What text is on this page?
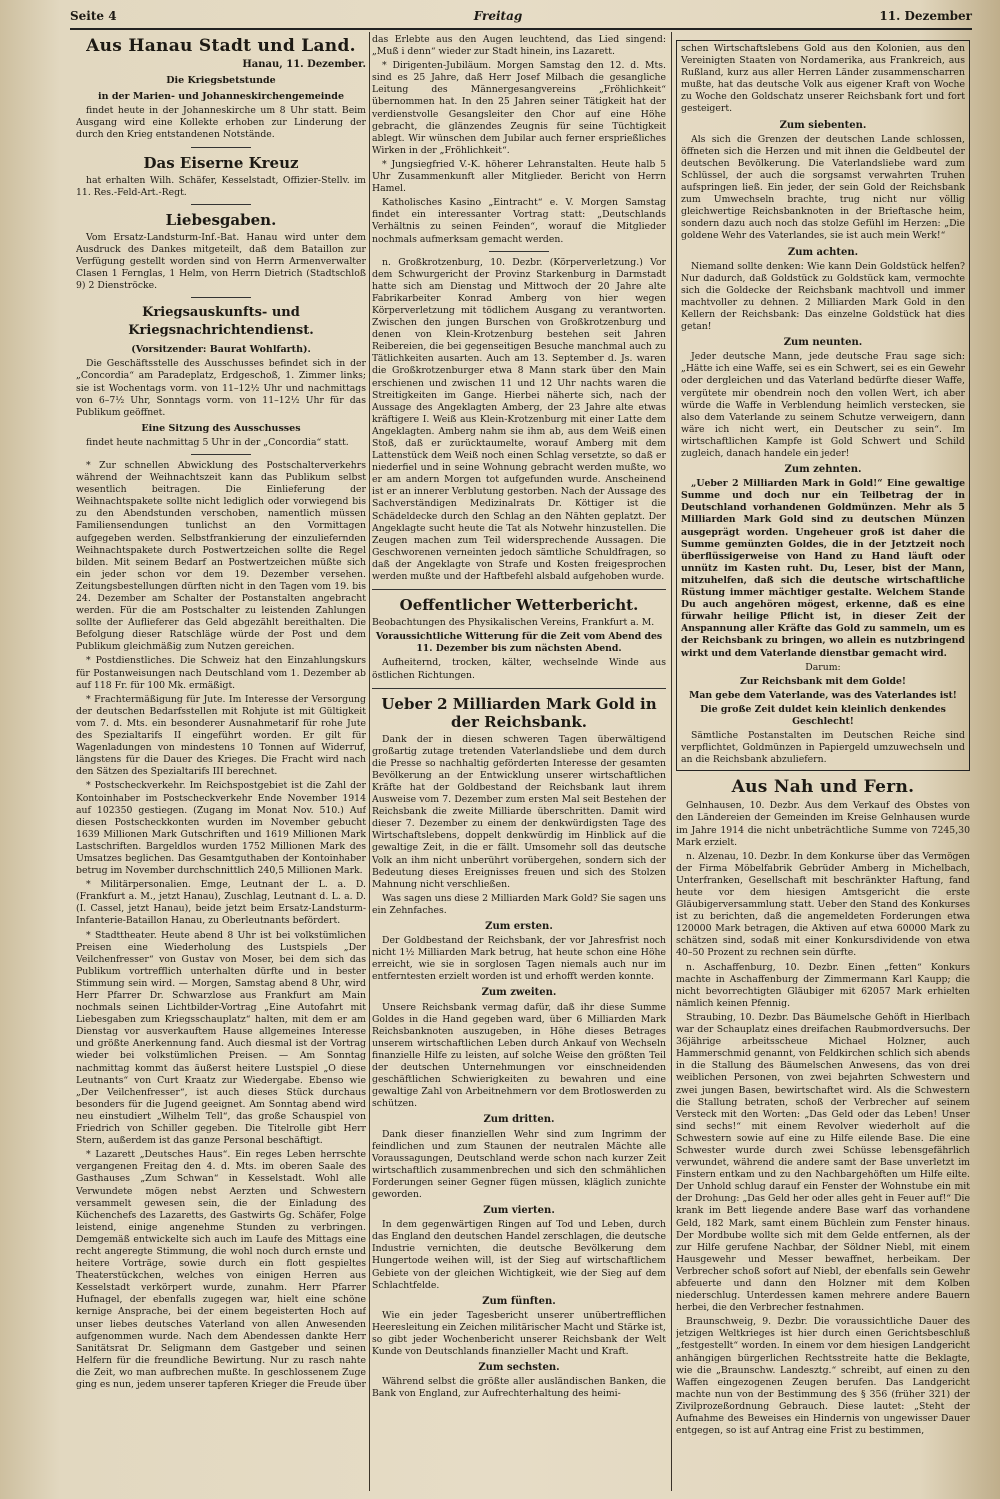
Seite 4	Freitag	11. Dezember
Aus Hanau Stadt und Land.
Hanau, 11. Dezember.
Die Kriegsbetstunde
in der Marien- und Johanneskirchengemeinde

findet heute in der Johanneskirche um 8 Uhr statt. Beim Ausgang wird eine Kollekte erhoben zur Linderung der durch den Krieg entstandenen Notstände.

Das Eiserne Kreuz

hat erhalten Wilh. Schäfer, Kesselstadt, Offizier-Stellv. im 11. Res.-Feld-Art.-Regt.

Liebesgaben.

Vom Ersatz-Landsturm-Inf.-Bat. Hanau wird unter dem Ausdruck des Dankes mitgeteilt, daß dem Bataillon zur Verfügung gestellt worden sind von Herrn Armenverwalter Clasen 1 Fernglas, 1 Helm, von Herrn Dietrich (Stadtschloß 9) 2 Dienströcke.

Kriegsauskunfts- und Kriegsnachrichtendienst.
(Vorsitzender: Baurat Wohlfarth).

Die Geschäftsstelle des Ausschusses befindet sich in der „Concordia“ am Paradeplatz, Erdgeschoß, 1. Zimmer links; sie ist Wochentags vorm. von 11–12½ Uhr und nachmittags von 6–7½ Uhr, Sonntags vorm. von 11–12½ Uhr für das Publikum geöffnet.

Eine Sitzung des Ausschusses

findet heute nachmittag 5 Uhr in der „Concordia“ statt.

* Zur schnellen Abwicklung des Postschalterverkehrs während der Weihnachtszeit kann das Publikum selbst wesentlich beitragen. Die Einlieferung der Weihnachtspakete sollte nicht lediglich oder vorwiegend bis zu den Abendstunden verschoben, namentlich müssen Familiensendungen tunlichst an den Vormittagen aufgegeben werden. Selbstfrankierung der einzuliefernden Weihnachtspakete durch Postwertzeichen sollte die Regel bilden. Mit seinem Bedarf an Postwertzeichen müßte sich ein jeder schon vor dem 19. Dezember versehen. Zeitungsbestellungen dürften nicht in den Tagen vom 19. bis 24. Dezember am Schalter der Postanstalten angebracht werden. Für die am Postschalter zu leistenden Zahlungen sollte der Auflieferer das Geld abgezählt bereithalten. Die Befolgung dieser Ratschläge würde der Post und dem Publikum gleichmäßig zum Nutzen gereichen.

* Postdienstliches. Die Schweiz hat den Einzahlungskurs für Postanweisungen nach Deutschland vom 1. Dezember ab auf 118 Fr. für 100 Mk. ermäßigt.

* Frachtermäßigung für Jute. Im Interesse der Versorgung der deutschen Bedarfsstellen mit Rohjute ist mit Gültigkeit vom 7. d. Mts. ein besonderer Ausnahmetarif für rohe Jute des Spezialtarifs II eingeführt worden. Er gilt für Wagenladungen von mindestens 10 Tonnen auf Widerruf, längstens für die Dauer des Krieges. Die Fracht wird nach den Sätzen des Spezialtarifs III berechnet.

* Postscheckverkehr. Im Reichspostgebiet ist die Zahl der Kontoinhaber im Postscheckverkehr Ende November 1914 auf 102350 gestiegen. (Zugang im Monat Nov. 510.) Auf diesen Postscheckkonten wurden im November gebucht 1639 Millionen Mark Gutschriften und 1619 Millionen Mark Lastschriften. Bargeldlos wurden 1752 Millionen Mark des Umsatzes beglichen. Das Gesamtguthaben der Kontoinhaber betrug im November durchschnittlich 240,5 Millionen Mark.

* Militärpersonalien. Emge, Leutnant der L. a. D. (Frankfurt a. M., jetzt Hanau), Zuschlag, Leutnant d. L. a. D. (I. Cassel, jetzt Hanau), beide jetzt beim Ersatz-Landsturm-Infanterie-Bataillon Hanau, zu Oberleutnants befördert.

* Stadttheater. Heute abend 8 Uhr ist bei volkstümlichen Preisen eine Wiederholung des Lustspiels „Der Veilchenfresser“ von Gustav von Moser, bei dem sich das Publikum vortrefflich unterhalten dürfte und in bester Stimmung sein wird. — Morgen, Samstag abend 8 Uhr, wird Herr Pfarrer Dr. Schwarzlose aus Frankfurt am Main nochmals seinen Lichtbilder-Vortrag „Eine Autofahrt mit Liebesgaben zum Kriegsschauplatz“ halten, mit dem er am Dienstag vor ausverkauftem Hause allgemeines Interesse und größte Anerkennung fand. Auch diesmal ist der Vortrag wieder bei volkstümlichen Preisen. — Am Sonntag nachmittag kommt das äußerst heitere Lustspiel „O diese Leutnants“ von Curt Kraatz zur Wiedergabe. Ebenso wie „Der Veilchenfresser“, ist auch dieses Stück durchaus besonders für die Jugend geeignet. Am Sonntag abend wird neu einstudiert „Wilhelm Tell“, das große Schauspiel von Friedrich von Schiller gegeben. Die Titelrolle gibt Herr Stern, außerdem ist das ganze Personal beschäftigt.

* Lazarett „Deutsches Haus“. Ein reges Leben herrschte vergangenen Freitag den 4. d. Mts. im oberen Saale des Gasthauses „Zum Schwan“ in Kesselstadt. Wohl alle Verwundete mögen nebst Aerzten und Schwestern versammelt gewesen sein, die der Einladung des Küchenchefs des Lazaretts, des Gastwirts Gg. Schäfer, Folge leistend, einige angenehme Stunden zu verbringen. Demgemäß entwickelte sich auch im Laufe des Mittags eine recht angeregte Stimmung, die wohl noch durch ernste und heitere Vorträge, sowie durch ein flott gespieltes Theaterstückchen, welches von einigen Herren aus Kesselstadt verkörpert wurde, zunahm. Herr Pfarrer Hufnagel, der ebenfalls zugegen war, hielt eine schöne kernige Ansprache, bei der einem begeisterten Hoch auf unser liebes deutsches Vaterland von allen Anwesenden aufgenommen wurde. Nach dem Abendessen dankte Herr Sanitätsrat Dr. Seligmann dem Gastgeber und seinen Helfern für die freundliche Bewirtung. Nur zu rasch nahte die Zeit, wo man aufbrechen mußte. In geschlossenem Zuge ging es nun, jedem unserer tapferen Krieger die Freude über

das Erlebte aus den Augen leuchtend, das Lied singend: „Muß i denn“ wieder zur Stadt hinein, ins Lazarett.

* Dirigenten-Jubiläum. Morgen Samstag den 12. d. Mts. sind es 25 Jahre, daß Herr Josef Milbach die gesangliche Leitung des Männergesangvereins „Fröhlichkeit“ übernommen hat. In den 25 Jahren seiner Tätigkeit hat der verdienstvolle Gesangsleiter den Chor auf eine Höhe gebracht, die glänzendes Zeugnis für seine Tüchtigkeit ablegt. Wir wünschen dem Jubilar auch ferner ersprießliches Wirken in der „Fröhlichkeit“.

* Jungsiegfried V.-K. höherer Lehranstalten. Heute halb 5 Uhr Zusammenkunft aller Mitglieder. Bericht von Herrn Hamel.

Katholisches Kasino „Eintracht“ e. V. Morgen Samstag findet ein interessanter Vortrag statt: „Deutschlands Verhältnis zu seinen Feinden“, worauf die Mitglieder nochmals aufmerksam gemacht werden.

n. Großkrotzenburg, 10. Dezbr. (Körperverletzung.) Vor dem Schwurgericht der Provinz Starkenburg in Darmstadt hatte sich am Dienstag und Mittwoch der 20 Jahre alte Fabrikarbeiter Konrad Amberg von hier wegen Körperverletzung mit tödlichem Ausgang zu verantworten. Zwischen den jungen Burschen von Großkrotzenburg und denen von Klein-Krotzenburg bestehen seit Jahren Reibereien, die bei gegenseitigen Besuche manchmal auch zu Tätlichkeiten ausarten. Auch am 13. September d. Js. waren die Großkrotzenburger etwa 8 Mann stark über den Main erschienen und zwischen 11 und 12 Uhr nachts waren die Streitigkeiten im Gange. Hierbei näherte sich, nach der Aussage des Angeklagten Amberg, der 23 Jahre alte etwas kräftigere I. Weiß aus Klein-Krotzenburg mit einer Latte dem Angeklagten. Amberg nahm sie ihm ab, aus dem Weiß einen Stoß, daß er zurücktaumelte, worauf Amberg mit dem Lattenstück dem Weiß noch einen Schlag versetzte, so daß er niederfiel und in seine Wohnung gebracht werden mußte, wo er am andern Morgen tot aufgefunden wurde. Anscheinend ist er an innerer Verblutung gestorben. Nach der Aussage des Sachverständigen Medizinalrats Dr. Köttiger ist die Schädeldecke durch den Schlag an den Nähten geplatzt. Der Angeklagte sucht heute die Tat als Notwehr hinzustellen. Die Zeugen machen zum Teil widersprechende Aussagen. Die Geschworenen verneinten jedoch sämtliche Schuldfragen, so daß der Angeklagte von Strafe und Kosten freigesprochen werden mußte und der Haftbefehl alsbald aufgehoben wurde.

Oeffentlicher Wetterbericht.

Beobachtungen des Physikalischen Vereins, Frankfurt a. M.

Voraussichtliche Witterung für die Zeit vom Abend des 11. Dezember bis zum nächsten Abend.

Aufheiternd, trocken, kälter, wechselnde Winde aus östlichen Richtungen.

Ueber 2 Milliarden Mark Gold in der Reichsbank.

Dank der in diesen schweren Tagen überwältigend großartig zutage tretenden Vaterlandsliebe und dem durch die Presse so nachhaltig geförderten Interesse der gesamten Bevölkerung an der Entwicklung unserer wirtschaftlichen Kräfte hat der Goldbestand der Reichsbank laut ihrem Ausweise vom 7. Dezember zum ersten Mal seit Bestehen der Reichsbank die zweite Milliarde überschritten. Damit wird dieser 7. Dezember zu einem der denkwürdigsten Tage des Wirtschaftslebens, doppelt denkwürdig im Hinblick auf die gewaltige Zeit, in die er fällt. Umsomehr soll das deutsche Volk an ihm nicht unberührt vorübergehen, sondern sich der Bedeutung dieses Ereignisses freuen und sich des Stolzen Mahnung nicht verschließen.

Was sagen uns diese 2 Milliarden Mark Gold? Sie sagen uns ein Zehnfaches.

Zum ersten.

Der Goldbestand der Reichsbank, der vor Jahresfrist noch nicht 1½ Milliarden Mark betrug, hat heute schon eine Höhe erreicht, wie sie in sorglosen Tagen niemals auch nur im entferntesten erzielt worden ist und erhofft werden konnte.

Zum zweiten.

Unsere Reichsbank vermag dafür, daß ihr diese Summe Goldes in die Hand gegeben ward, über 6 Milliarden Mark Reichsbanknoten auszugeben, in Höhe dieses Betrages unserem wirtschaftlichen Leben durch Ankauf von Wechseln finanzielle Hilfe zu leisten, auf solche Weise den größten Teil der deutschen Unternehmungen vor einschneidenden geschäftlichen Schwierigkeiten zu bewahren und eine gewaltige Zahl von Arbeitnehmern vor dem Brotloswerden zu schützen.

Zum dritten.

Dank dieser finanziellen Wehr sind zum Ingrimm der feindlichen und zum Staunen der neutralen Mächte alle Voraussagungen, Deutschland werde schon nach kurzer Zeit wirtschaftlich zusammenbrechen und sich den schmählichen Forderungen seiner Gegner fügen müssen, kläglich zunichte geworden.

Zum vierten.

In dem gegenwärtigen Ringen auf Tod und Leben, durch das England den deutschen Handel zerschlagen, die deutsche Industrie vernichten, die deutsche Bevölkerung dem Hungertode weihen will, ist der Sieg auf wirtschaftlichem Gebiete von der gleichen Wichtigkeit, wie der Sieg auf dem Schlachtfelde.

Zum fünften.

Wie ein jeder Tagesbericht unserer unübertrefflichen Heeresleitung ein Zeichen militärischer Macht und Stärke ist, so gibt jeder Wochenbericht unserer Reichsbank der Welt Kunde von Deutschlands finanzieller Macht und Kraft.

Zum sechsten.

Während selbst die größte aller ausländischen Banken, die Bank von England, zur Aufrechterhaltung des heimi-

schen Wirtschaftslebens Gold aus den Kolonien, aus den Vereinigten Staaten von Nordamerika, aus Frankreich, aus Rußland, kurz aus aller Herren Länder zusammenscharren mußte, hat das deutsche Volk aus eigener Kraft von Woche zu Woche den Goldschatz unserer Reichsbank fort und fort gesteigert.

Zum siebenten.

Als sich die Grenzen der deutschen Lande schlossen, öffneten sich die Herzen und mit ihnen die Geldbeutel der deutschen Bevölkerung. Die Vaterlandsliebe ward zum Schlüssel, der auch die sorgsamst verwahrten Truhen aufspringen ließ. Ein jeder, der sein Gold der Reichsbank zum Umwechseln brachte, trug nicht nur völlig gleichwertige Reichsbanknoten in der Brieftasche heim, sondern dazu auch noch das stolze Gefühl im Herzen: „Die goldene Wehr des Vaterlandes, sie ist auch mein Werk!“

Zum achten.

Niemand sollte denken: Wie kann Dein Goldstück helfen? Nur dadurch, daß Goldstück zu Goldstück kam, vermochte sich die Goldecke der Reichsbank machtvoll und immer machtvoller zu dehnen. 2 Milliarden Mark Gold in den Kellern der Reichsbank: Das einzelne Goldstück hat dies getan!

Zum neunten.

Jeder deutsche Mann, jede deutsche Frau sage sich: „Hätte ich eine Waffe, sei es ein Schwert, sei es ein Gewehr oder dergleichen und das Vaterland bedürfte dieser Waffe, vergütete mir obendrein noch den vollen Wert, ich aber würde die Waffe in Verblendung heimlich verstecken, sie also dem Vaterlande zu seinem Schutze verweigern, dann wäre ich nicht wert, ein Deutscher zu sein“. Im wirtschaftlichen Kampfe ist Gold Schwert und Schild zugleich, danach handele ein jeder!

Zum zehnten.

„Ueber 2 Milliarden Mark in Gold!“ Eine gewaltige Summe und doch nur ein Teilbetrag der in Deutschland vorhandenen Goldmünzen. Mehr als 5 Milliarden Mark Gold sind zu deutschen Münzen ausgeprägt worden. Ungeheuer groß ist daher die Summe gemünzten Goldes, die in der Jetztzeit noch überflüssigerweise von Hand zu Hand läuft oder unnütz im Kasten ruht. Du, Leser, bist der Mann, mitzuhelfen, daß sich die deutsche wirtschaftliche Rüstung immer mächtiger gestalte. Welchem Stande Du auch angehören mögest, erkenne, daß es eine fürwahr heilige Pflicht ist, in dieser Zeit der Anspannung aller Kräfte das Gold zu sammeln, um es der Reichsbank zu bringen, wo allein es nutzbringend wirkt und dem Vaterlande dienstbar gemacht wird.

Darum:

Zur Reichsbank mit dem Golde!

Man gebe dem Vaterlande, was des Vaterlandes ist!

Die große Zeit duldet kein kleinlich denkendes Geschlecht!

Sämtliche Postanstalten im Deutschen Reiche sind verpflichtet, Goldmünzen in Papiergeld umzuwechseln und an die Reichsbank abzuliefern.

Aus Nah und Fern.

Gelnhausen, 10. Dezbr. Aus dem Verkauf des Obstes von den Ländereien der Gemeinden im Kreise Gelnhausen wurde im Jahre 1914 die nicht unbeträchtliche Summe von 7245,30 Mark erzielt.

n. Alzenau, 10. Dezbr. In dem Konkurse über das Vermögen der Firma Möbelfabrik Gebrüder Amberg in Michelbach, Unterfranken, Gesellschaft mit beschränkter Haftung, fand heute vor dem hiesigen Amtsgericht die erste Gläubigerversammlung statt. Ueber den Stand des Konkurses ist zu berichten, daß die angemeldeten Forderungen etwa 120000 Mark betragen, die Aktiven auf etwa 60000 Mark zu schätzen sind, sodaß mit einer Konkursdividende von etwa 40–50 Prozent zu rechnen sein dürfte.

n. Aschaffenburg, 10. Dezbr. Einen „fetten“ Konkurs machte in Aschaffenburg der Zimmermann Karl Kaupp; die nicht bevorrechtigten Gläubiger mit 62057 Mark erhielten nämlich keinen Pfennig.

Straubing, 10. Dezbr. Das Bäumelsche Gehöft in Hierlbach war der Schauplatz eines dreifachen Raubmordversuchs. Der 36jährige arbeitsscheue Michael Holzner, auch Hammerschmid genannt, von Feldkirchen schlich sich abends in die Stallung des Bäumelschen Anwesens, das von drei weiblichen Personen, von zwei bejahrten Schwestern und zwei jungen Basen, bewirtschaftet wird. Als die Schwestern die Stallung betraten, schoß der Verbrecher auf seinem Versteck mit den Worten: „Das Geld oder das Leben! Unser sind sechs!“ mit einem Revolver wiederholt auf die Schwestern sowie auf eine zu Hilfe eilende Base. Die eine Schwester wurde durch zwei Schüsse lebensgefährlich verwundet, während die andere samt der Base unverletzt im Finstern entkam und zu den Nachbargehöften um Hilfe eilte. Der Unhold schlug darauf ein Fenster der Wohnstube ein mit der Drohung: „Das Geld her oder alles geht in Feuer auf!“ Die krank im Bett liegende andere Base warf das vorhandene Geld, 182 Mark, samt einem Büchlein zum Fenster hinaus. Der Mordbube wollte sich mit dem Gelde entfernen, als der zur Hilfe gerufene Nachbar, der Söldner Niebl, mit einem Hausgewehr und Messer bewaffnet, herbeikam. Der Verbrecher schoß sofort auf Niebl, der ebenfalls sein Gewehr abfeuerte und dann den Holzner mit dem Kolben niederschlug. Unterdessen kamen mehrere andere Bauern herbei, die den Verbrecher festnahmen.

Braunschweig, 9. Dezbr. Die voraussichtliche Dauer des jetzigen Weltkrieges ist hier durch einen Gerichtsbeschluß „festgestellt“ worden. In einem vor dem hiesigen Landgericht anhängigen bürgerlichen Rechtsstreite hatte die Beklagte, wie die „Braunschw. Landesztg.“ schreibt, auf einen zu den Waffen eingezogenen Zeugen berufen. Das Landgericht machte nun von der Bestimmung des § 356 (früher 321) der Zivilprozeßordnung Gebrauch. Diese lautet: „Steht der Aufnahme des Beweises ein Hindernis von ungewisser Dauer entgegen, so ist auf Antrag eine Frist zu bestimmen,
